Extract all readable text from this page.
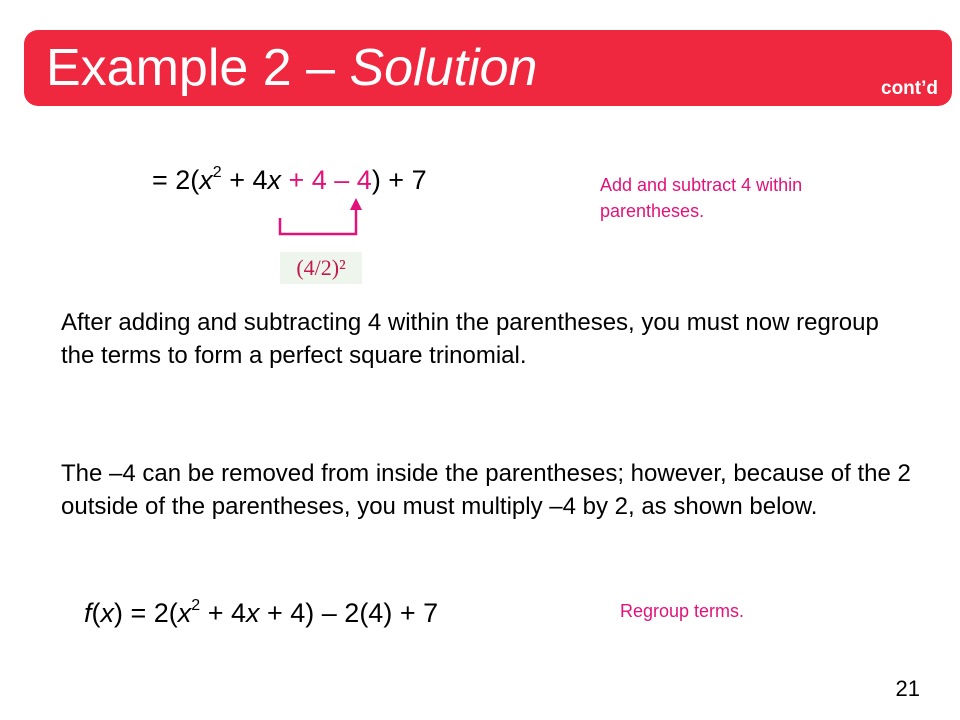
Example 2 – Solution	cont’d
= $2(x^2 + 4x + 4 - 4) + 7$	Add and subtract 4 within parentheses.
(4/2)²
After adding and subtracting 4 within the parentheses, you must now regroup the terms to form a perfect square trinomial.
The –4 can be removed from inside the parentheses; however, because of the 2 outside of the parentheses, you must multiply –4 by 2, as shown below.
$f(x) = 2(x^2 + 4x + 4) - 2(4) + 7$	Regroup terms.
21
